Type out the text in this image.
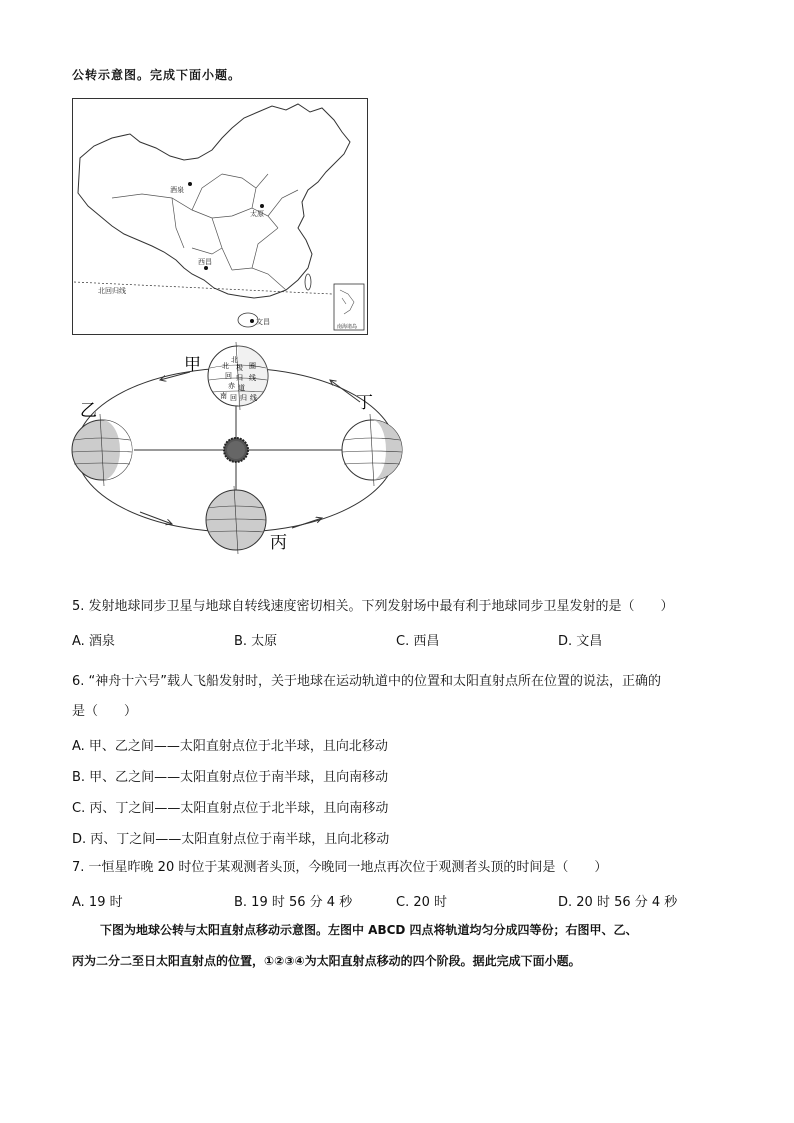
公转示意图。完成下面小题。
北回归线
酒泉
太原
西昌
文昌
南海诸岛
北
北 极 圈
回 归 线
赤 道
南 回 归 线
甲
乙
丙
丁
5. 发射地球同步卫星与地球自转线速度密切相关。下列发射场中最有利于地球同步卫星发射的是（　　）
A. 酒泉	B. 太原	C. 西昌	D. 文昌
6. “神舟十六号”载人飞船发射时，关于地球在运动轨道中的位置和太阳直射点所在位置的说法，正确的
是（　　）
A. 甲、乙之间——太阳直射点位于北半球，且向北移动
B. 甲、乙之间——太阳直射点位于南半球，且向南移动
C. 丙、丁之间——太阳直射点位于北半球，且向南移动
D. 丙、丁之间——太阳直射点位于南半球，且向北移动
7. 一恒星昨晚 20 时位于某观测者头顶，今晚同一地点再次位于观测者头顶的时间是（　　）
A. 19 时	B. 19 时 56 分 4 秒	C. 20 时	D. 20 时 56 分 4 秒
下图为地球公转与太阳直射点移动示意图。左图中 ABCD 四点将轨道均匀分成四等份；右图甲、乙、
丙为二分二至日太阳直射点的位置，①②③④为太阳直射点移动的四个阶段。据此完成下面小题。
